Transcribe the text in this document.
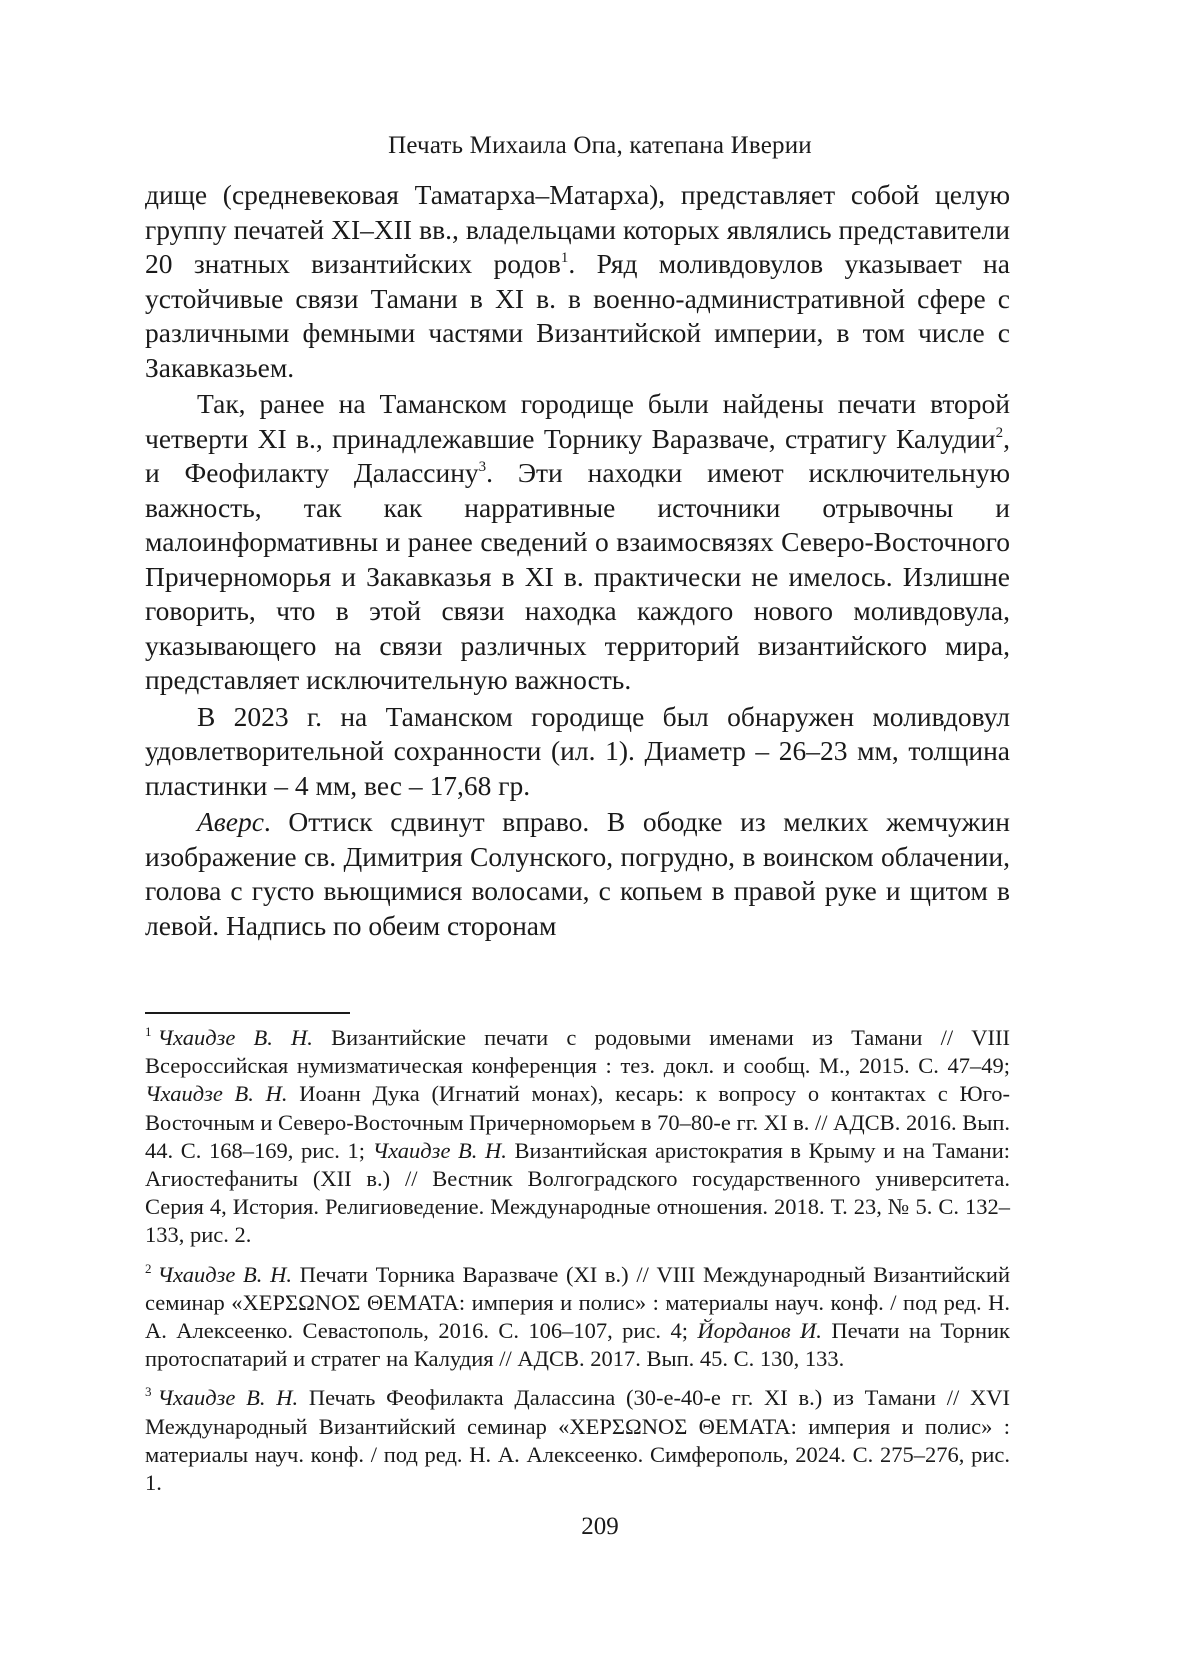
Печать Михаила Опа, катепана Иверии

дище (средневековая Таматарха–Матарха), представляет собой целую группу печатей XI–XII вв., владельцами которых являлись представители 20 знатных византийских родов$^1$. Ряд моливдовулов указывает на устойчивые связи Тамани в XI в. в военно-административной сфере с различными фемными частями Византийской империи, в том числе с Закавказьем.

Так, ранее на Таманском городище были найдены печати второй четверти XI в., принадлежавшие Торнику Варазваче, стратигу Калудии$^2$, и Феофилакту Далассину$^3$. Эти находки имеют исключительную важность, так как нарративные источники отрывочны и малоинформативны и ранее сведений о взаимосвязях Северо-Восточного Причерноморья и Закавказья в XI в. практически не имелось. Излишне говорить, что в этой связи находка каждого нового моливдовула, указывающего на связи различных территорий византийского мира, представляет исключительную важность.

В 2023 г. на Таманском городище был обнаружен моливдовул удовлетворительной сохранности (ил. 1). Диаметр – 26–23 мм, толщина пластинки – 4 мм, вес – 17,68 гр.

Аверс. Оттиск сдвинут вправо. В ободке из мелких жемчужин изображение св. Димитрия Солунского, погрудно, в воинском облачении, голова с густо вьющимися волосами, с копьем в правой руке и щитом в левой. Надпись по обеим сторонам

$^1$ Чхаидзе В. Н. Византийские печати с родовыми именами из Тамани // VIII Всероссийская нумизматическая конференция : тез. докл. и сообщ. М., 2015. С. 47–49; Чхаидзе В. Н. Иоанн Дука (Игнатий монах), кесарь: к вопросу о контактах с Юго-Восточным и Северо-Восточным Причерноморьем в 70–80-е гг. XI в. // АДСВ. 2016. Вып. 44. С. 168–169, рис. 1; Чхаидзе В. Н. Византийская аристократия в Крыму и на Тамани: Агиостефаниты (XII в.) // Вестник Волгоградского государственного университета. Серия 4, История. Религиоведение. Международные отношения. 2018. Т. 23, № 5. С. 132–133, рис. 2.
$^2$ Чхаидзе В. Н. Печати Торника Варазваче (XI в.) // VIII Международный Византийский семинар «ΧΕΡΣΩΝΟΣ ΘΕΜΑΤΑ: империя и полис» : материалы науч. конф. / под ред. Н. А. Алексеенко. Севастополь, 2016. С. 106–107, рис. 4; Йорданов И. Печати на Торник протоспатарий и стратег на Калудия // АДСВ. 2017. Вып. 45. С. 130, 133.
$^3$ Чхаидзе В. Н. Печать Феофилакта Далассина (30-е-40-е гг. XI в.) из Тамани // XVI Международный Византийский семинар «ΧΕΡΣΩΝΟΣ ΘΕΜΑΤΑ: империя и полис» : материалы науч. конф. / под ред. Н. А. Алексеенко. Симферополь, 2024. С. 275–276, рис. 1.
209
